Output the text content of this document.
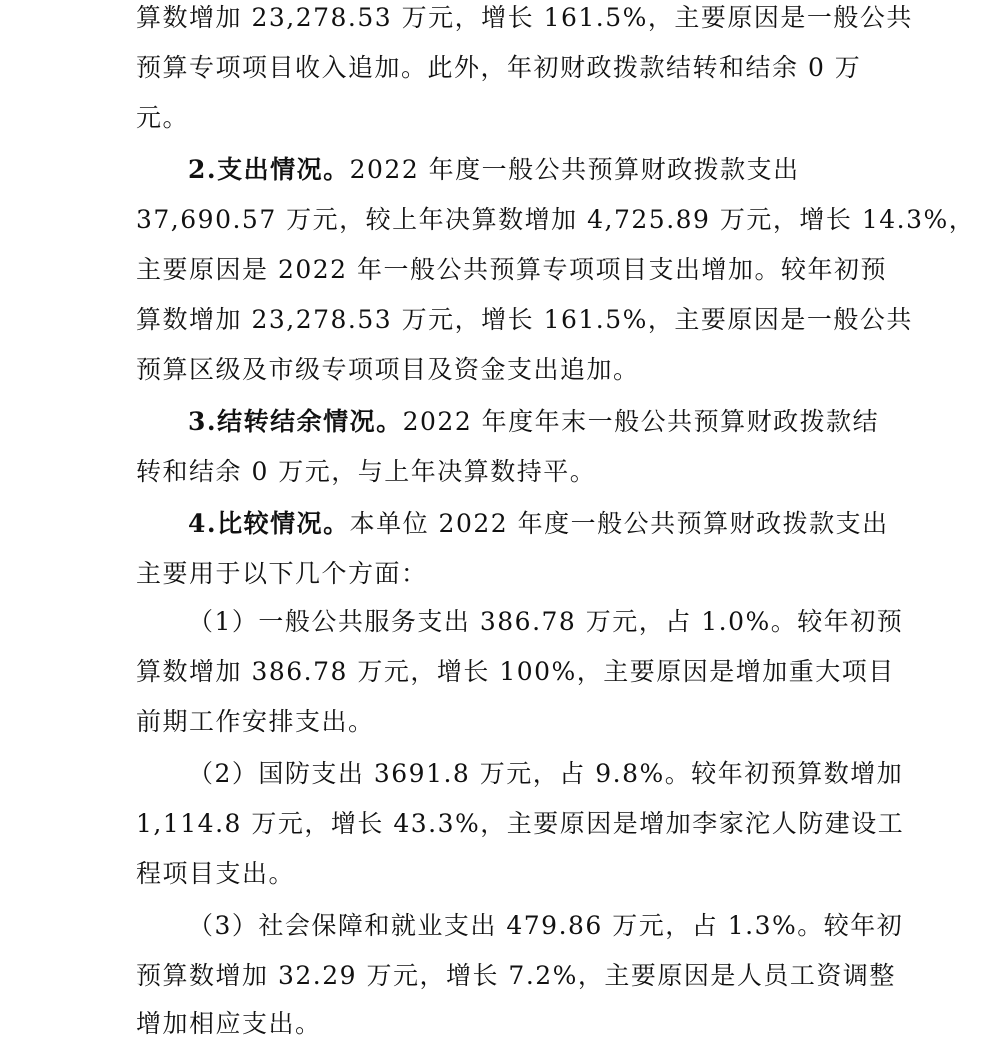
算数增加 23,278.53 万元，增长 161.5%，主要原因是一般公共
预算专项项目收入追加。此外，年初财政拨款结转和结余 0 万
元。
2.支出情况。2022 年度一般公共预算财政拨款支出
37,690.57 万元，较上年决算数增加 4,725.89 万元，增长 14.3%，
主要原因是 2022 年一般公共预算专项项目支出增加。较年初预
算数增加 23,278.53 万元，增长 161.5%，主要原因是一般公共
预算区级及市级专项项目及资金支出追加。
3.结转结余情况。2022 年度年末一般公共预算财政拨款结
转和结余 0 万元，与上年决算数持平。
4.比较情况。本单位 2022 年度一般公共预算财政拨款支出
主要用于以下几个方面：
（1）一般公共服务支出 386.78 万元，占 1.0%。较年初预
算数增加 386.78 万元，增长 100%，主要原因是增加重大项目
前期工作安排支出。
（2）国防支出 3691.8 万元，占 9.8%。较年初预算数增加
1,114.8 万元，增长 43.3%，主要原因是增加李家沱人防建设工
程项目支出。
（3）社会保障和就业支出 479.86 万元，占 1.3%。较年初
预算数增加 32.29 万元，增长 7.2%，主要原因是人员工资调整
增加相应支出。
